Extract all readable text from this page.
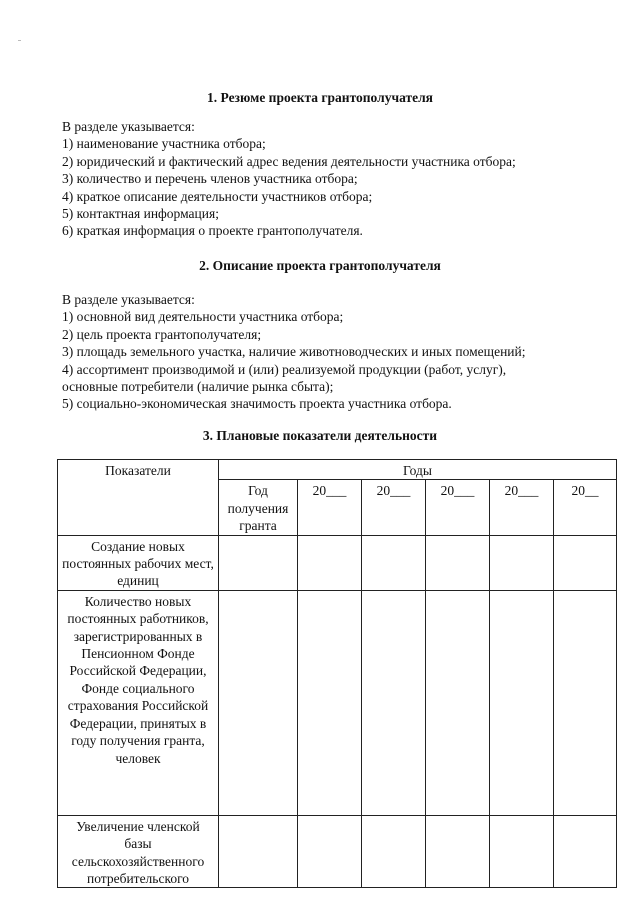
1. Резюме проекта грантополучателя
В разделе указывается:
1) наименование участника отбора;
2) юридический и фактический адрес ведения деятельности участника отбора;
3) количество и перечень членов участника отбора;
4) краткое описание деятельности участников отбора;
5) контактная информация;
6) краткая информация о проекте грантополучателя.
2. Описание проекта грантополучателя
В разделе указывается:
1) основной вид деятельности участника отбора;
2) цель проекта грантополучателя;
3) площадь земельного участка, наличие животноводческих и иных помещений;
4) ассортимент производимой и (или) реализуемой продукции (работ, услуг),
основные потребители (наличие рынка сбыта);
5) социально-экономическая значимость проекта участника отбора.
3. Плановые показатели деятельности
Показатели	Годы					

	Год получения гранта	20___	20___	20___	20___	20__

Создание новых постоянных рабочих мест, единиц						

Количество новых постоянных работников, зарегистрированных в Пенсионном Фонде Российской Федерации, Фонде социального страхования Российской Федерации, принятых в году получения гранта, человек						

Увеличение членской базы сельскохозяйственного потребительского						
